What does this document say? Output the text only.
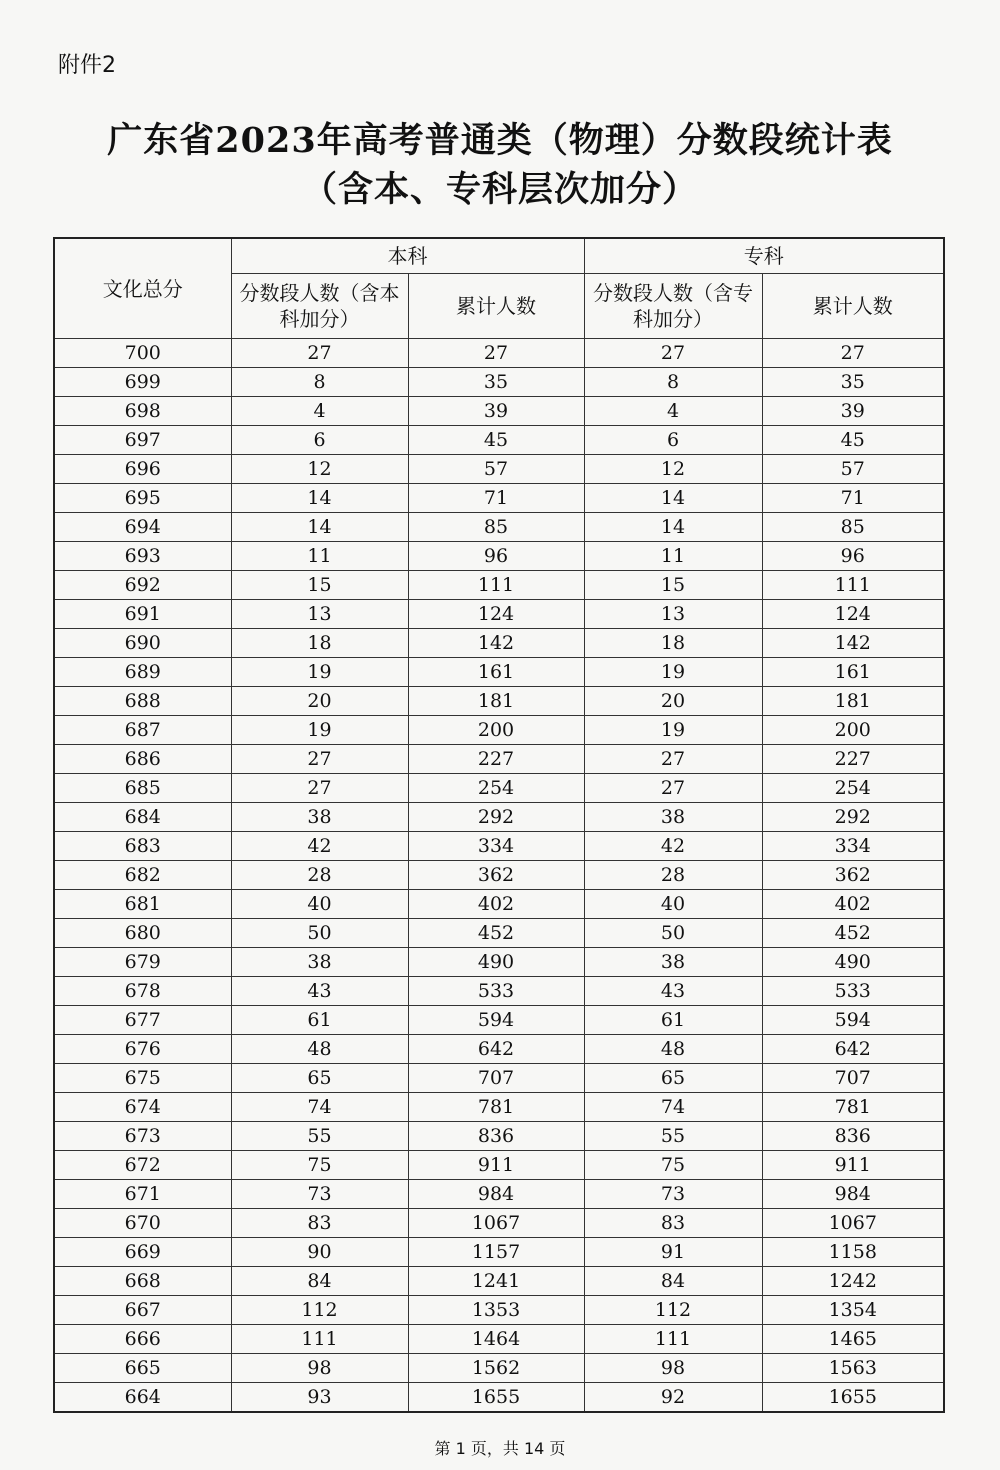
附件2
广东省2023年高考普通类（物理）分数段统计表
（含本、专科层次加分）
文化总分	本科		专科	
	分数段人数（含本科加分）	累计人数	分数段人数（含专科加分）	累计人数
700	27	27	27	27
699	8	35	8	35
698	4	39	4	39
697	6	45	6	45
696	12	57	12	57
695	14	71	14	71
694	14	85	14	85
693	11	96	11	96
692	15	111	15	111
691	13	124	13	124
690	18	142	18	142
689	19	161	19	161
688	20	181	20	181
687	19	200	19	200
686	27	227	27	227
685	27	254	27	254
684	38	292	38	292
683	42	334	42	334
682	28	362	28	362
681	40	402	40	402
680	50	452	50	452
679	38	490	38	490
678	43	533	43	533
677	61	594	61	594
676	48	642	48	642
675	65	707	65	707
674	74	781	74	781
673	55	836	55	836
672	75	911	75	911
671	73	984	73	984
670	83	1067	83	1067
669	90	1157	91	1158
668	84	1241	84	1242
667	112	1353	112	1354
666	111	1464	111	1465
665	98	1562	98	1563
664	93	1655	92	1655
第 1 页，共 14 页
